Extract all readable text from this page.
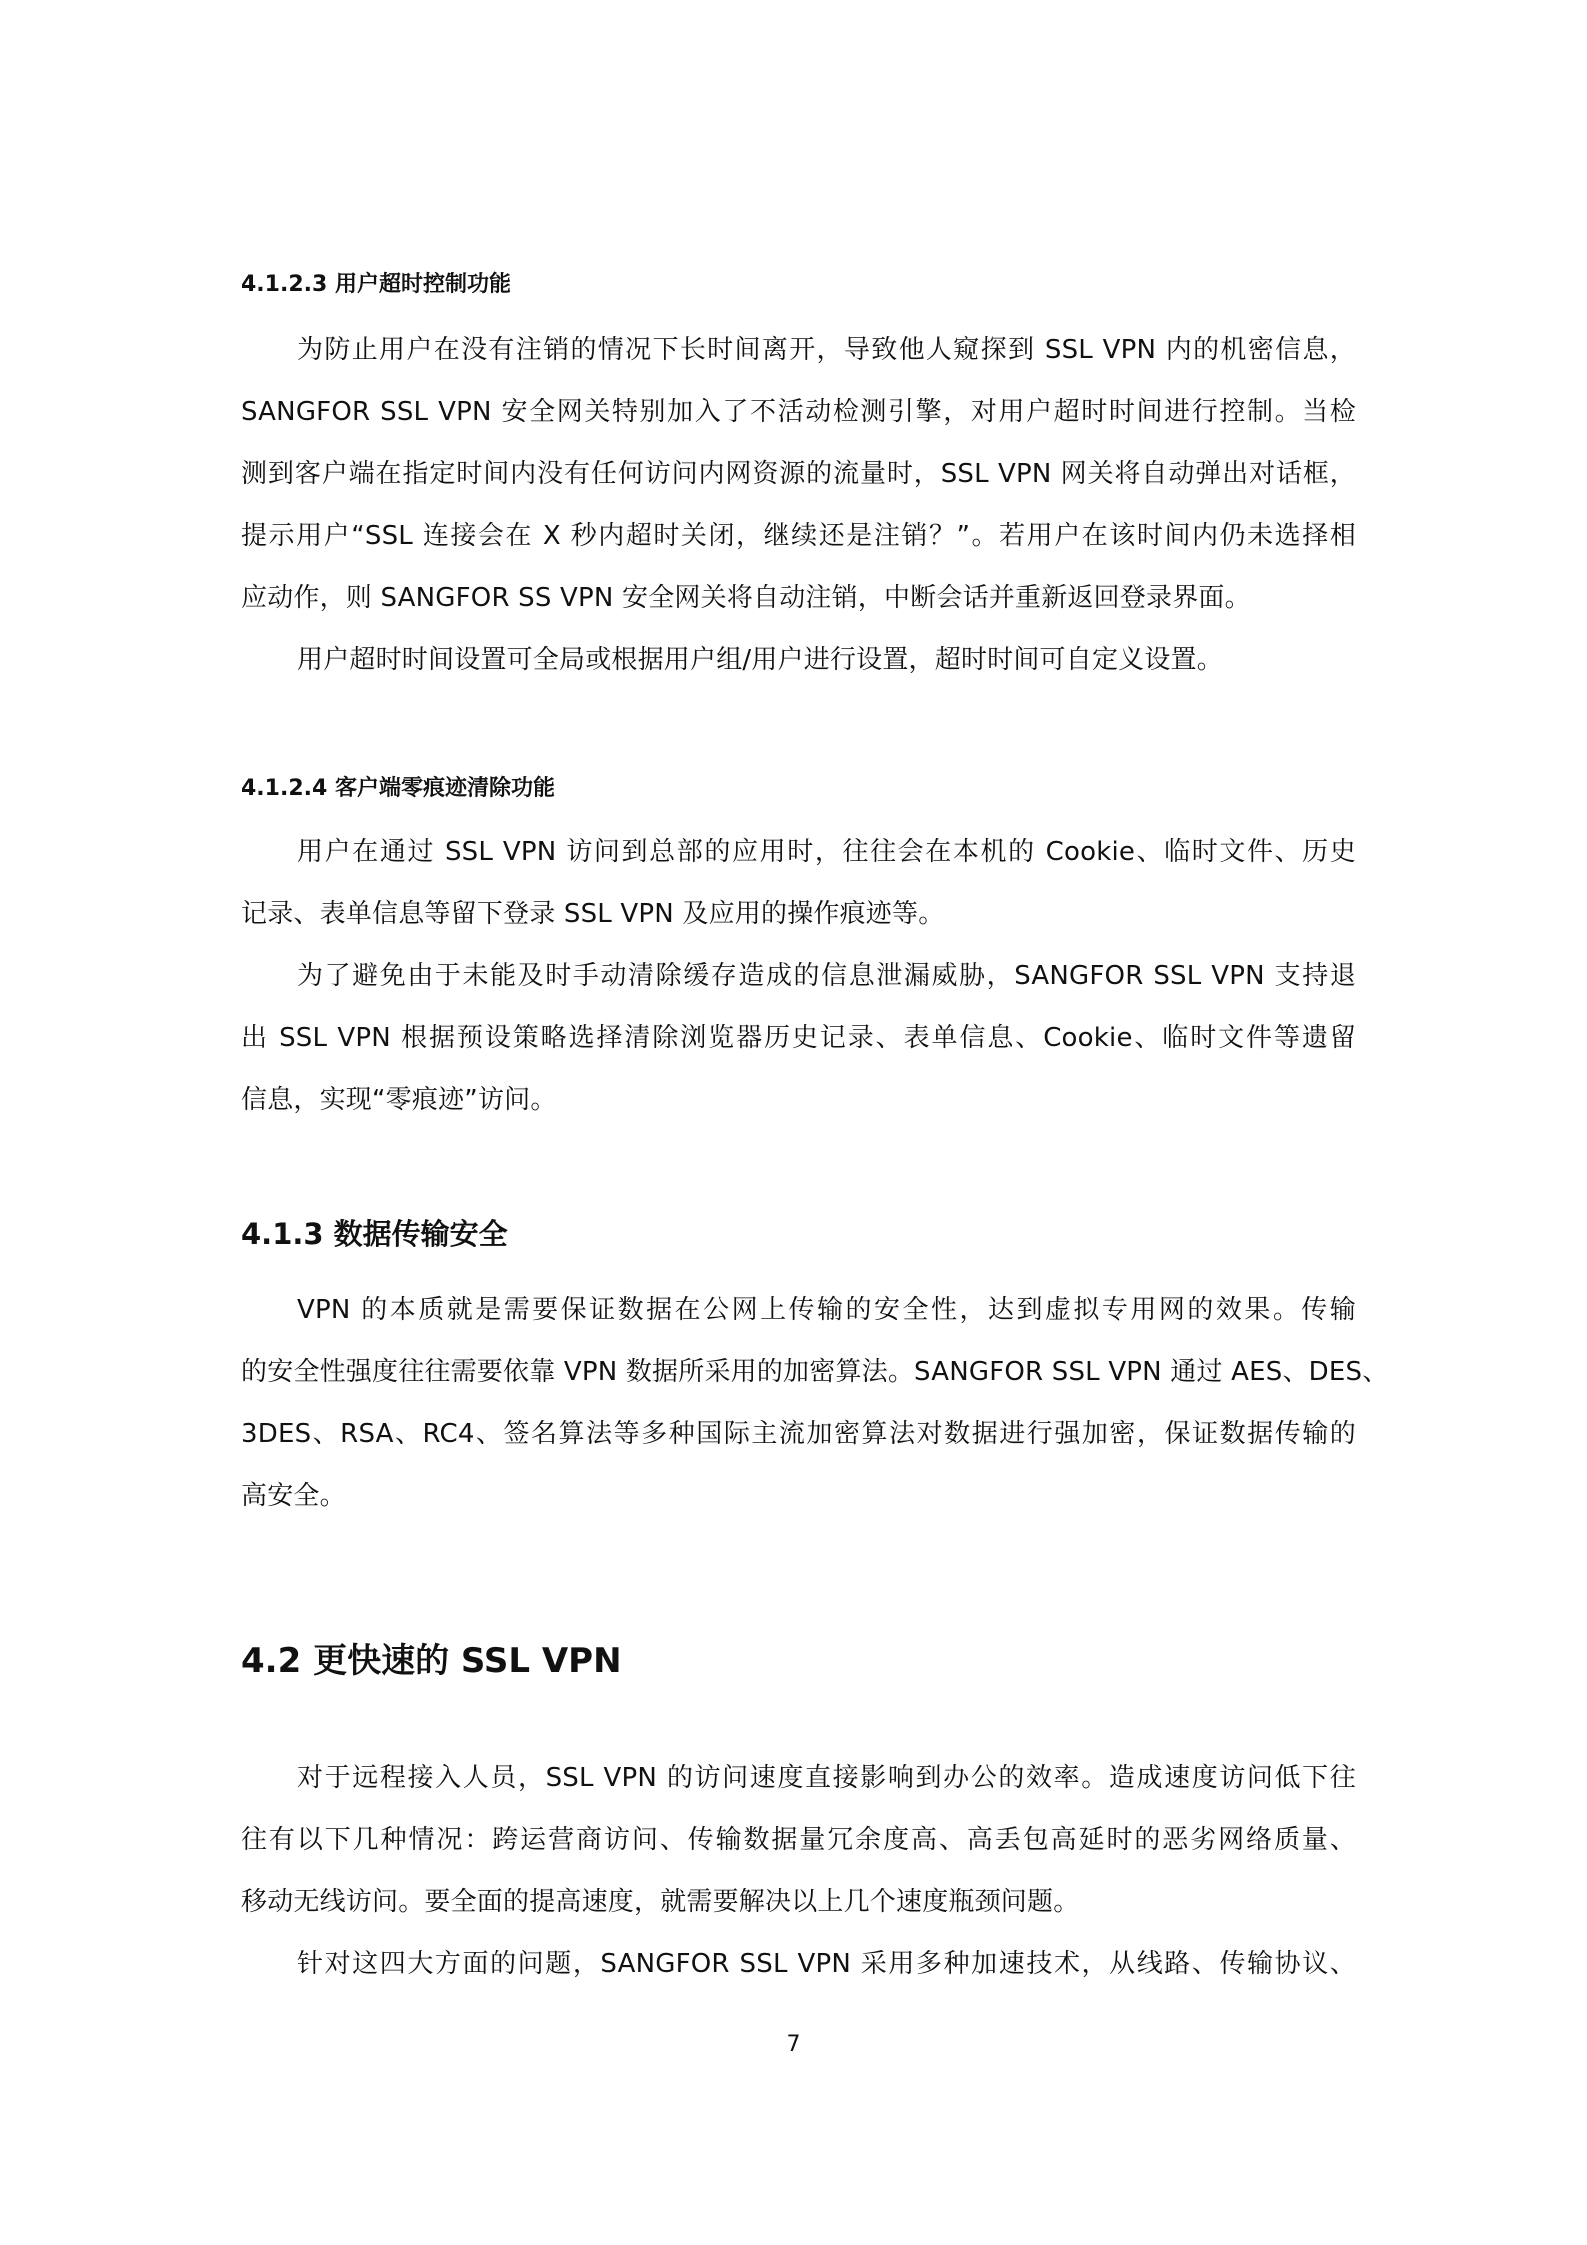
4.1.2.3 用户超时控制功能
为防止用户在没有注销的情况下长时间离开，导致他人窥探到 SSL VPN 内的机密信息，
SANGFOR SSL VPN 安全网关特别加入了不活动检测引擎，对用户超时时间进行控制。当检
测到客户端在指定时间内没有任何访问内网资源的流量时，SSL VPN 网关将自动弹出对话框，
提示用户“SSL 连接会在 X 秒内超时关闭，继续还是注销？”。若用户在该时间内仍未选择相
应动作，则 SANGFOR SS VPN 安全网关将自动注销，中断会话并重新返回登录界面。
用户超时时间设置可全局或根据用户组/用户进行设置，超时时间可自定义设置。
4.1.2.4 客户端零痕迹清除功能
用户在通过 SSL VPN 访问到总部的应用时，往往会在本机的 Cookie、临时文件、历史
记录、表单信息等留下登录 SSL VPN 及应用的操作痕迹等。
为了避免由于未能及时手动清除缓存造成的信息泄漏威胁，SANGFOR SSL VPN 支持退
出 SSL VPN 根据预设策略选择清除浏览器历史记录、表单信息、Cookie、临时文件等遗留
信息，实现“零痕迹”访问。
4.1.3 数据传输安全
VPN 的本质就是需要保证数据在公网上传输的安全性，达到虚拟专用网的效果。传输
的安全性强度往往需要依靠 VPN 数据所采用的加密算法。SANGFOR SSL VPN 通过 AES、DES、
3DES、RSA、RC4、签名算法等多种国际主流加密算法对数据进行强加密，保证数据传输的
高安全。
4.2 更快速的 SSL VPN
对于远程接入人员，SSL VPN 的访问速度直接影响到办公的效率。造成速度访问低下往
往有以下几种情况：跨运营商访问、传输数据量冗余度高、高丢包高延时的恶劣网络质量、
移动无线访问。要全面的提高速度，就需要解决以上几个速度瓶颈问题。
针对这四大方面的问题，SANGFOR SSL VPN 采用多种加速技术，从线路、传输协议、
7
